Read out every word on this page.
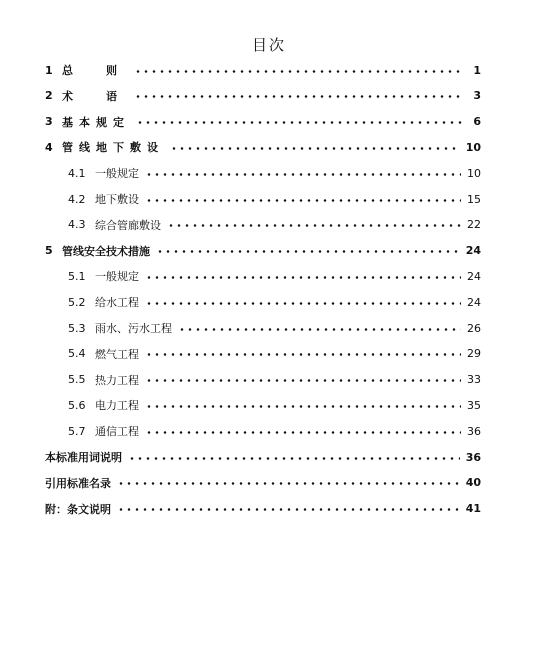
目次
1 总　则	1
2 术　语	3
3 基本规定	6
4 管线地下敷设	10
4.1 一般规定	10
4.2 地下敷设	15
4.3 综合管廊敷设	22
5 管线安全技术措施	24
5.1 一般规定	24
5.2 给水工程	24
5.3 雨水、污水工程	26
5.4 燃气工程	29
5.5 热力工程	33
5.6 电力工程	35
5.7 通信工程	36
本标准用词说明	36
引用标准名录	40
附：条文说明	41
